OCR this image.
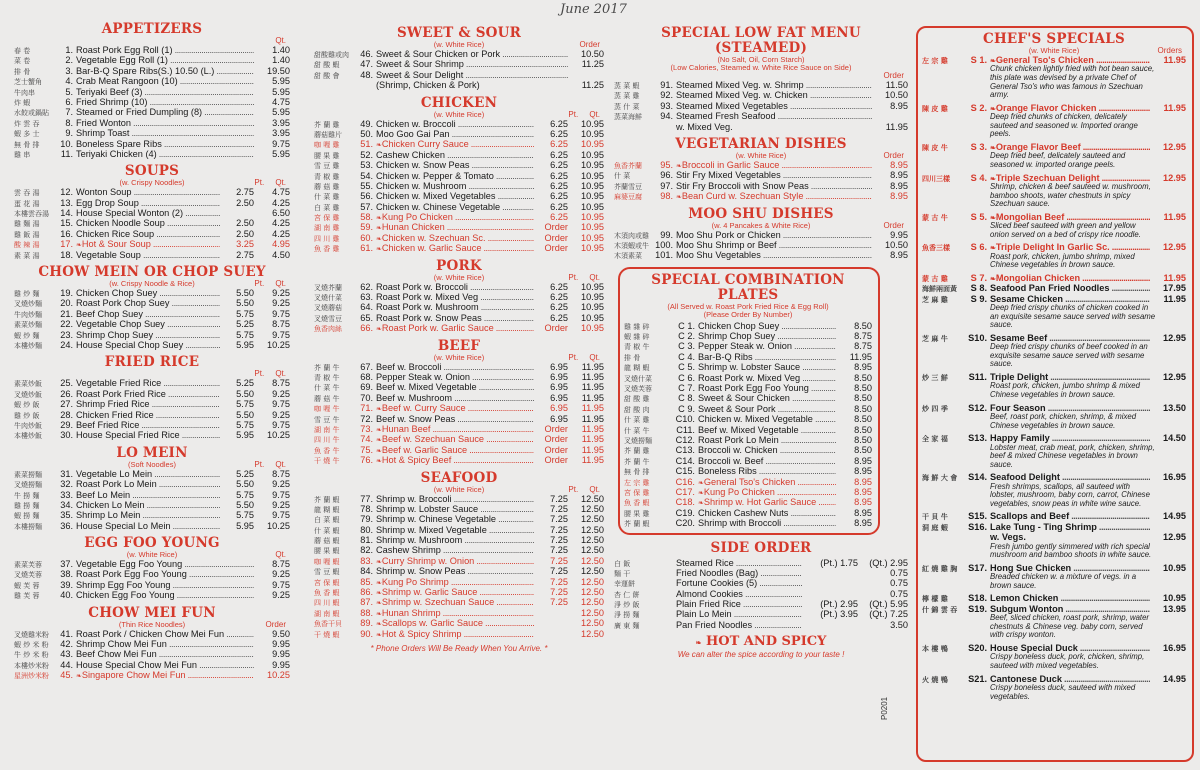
June 2017
APPETIZERS
Qt.

春 卷	1. Roast Pork Egg Roll (1) .....	1.40
菜 卷	2. Vegetable Egg Roll (1) .....	1.40
排 骨	3. Bar-B-Q Spare Ribs(S.) 10.50 (L.) .....	19.50
芝士蟹角	4. Crab Meat Rangoon (10) .....	5.95
牛肉串	5. Teriyaki Beef (3) .....	5.95
炸 蝦	6. Fried Shrimp (10) .....	4.75
水餃或鍋貼	7. Steamed or Fried Dumpling (8) .....	5.95
炸 雲 吞	8. Fried Wonton .....	3.95
蝦 多 士	9. Shrimp Toast .....	3.95
無 骨 排	10. Boneless Spare Ribs .....	9.75
雞 串	11. Teriyaki Chicken (4) .....	5.95
SOUPS
(w. Crispy Noodles)	Pt. Qt.
雲 吞 湯	12. Wonton Soup .....	2.75	4.75
蛋 花 湯	13. Egg Drop Soup .....	2.50	4.25
本樓雲吞湯	14. House Special Wonton (2) .....	6.50
雞 麵 湯	15. Chicken Noodle Soup .....	2.50	4.25
雞 飯 湯	16. Chicken Rice Soup .....	2.50	4.25
酸 辣 湯	17. ❧Hot & Sour Soup .....	3.25	4.95
素 菜 湯	18. Vegetable Soup .....	2.75	4.50
CHOW MEIN OR CHOP SUEY
(w. Crispy Noodle & Rice)	Pt. Qt.
雞 炒 麵	19. Chicken Chop Suey .....	5.50	9.25
叉燒炒麵	20. Roast Pork Chop Suey .....	5.50	9.25
牛肉炒麵	21. Beef Chop Suey .....	5.75	9.75
素菜炒麵	22. Vegetable Chop Suey .....	5.25	8.75
蝦 炒 麵	23. Shrimp Chop Suey .....	5.75	9.75
本樓炒麵	24. House Special Chop Suey .....	5.95	10.25
FRIED RICE

Pt. Qt.
素菜炒飯	25. Vegetable Fried Rice .....	5.25	8.75
叉燒炒飯	26. Roast Pork Fried Rice .....	5.50	9.25
蝦 炒 飯	27. Shrimp Fried Rice .....	5.75	9.75
雞 炒 飯	28. Chicken Fried Rice .....	5.50	9.25
牛肉炒飯	29. Beef Fried Rice .....	5.75	9.75
本樓炒飯	30. House Special Fried Rice .....	5.95	10.25
LO MEIN
(Soft Noodles)	Pt. Qt.
素菜撈麵	31. Vegetable Lo Mein .....	5.25	8.75
叉燒撈麵	32. Roast Pork Lo Mein .....	5.50	9.25
牛 撈 麵	33. Beef Lo Mein .....	5.75	9.75
雞 撈 麵	34. Chicken Lo Mein .....	5.50	9.25
蝦 撈 麵	35. Shrimp Lo Mein .....	5.75	9.75
本樓撈麵	36. House Special Lo Mein .....	5.95	10.25
EGG FOO YOUNG
(w. White Rice)	Qt.
素菜芙蓉	37. Vegetable Egg Foo Young .....	8.75
叉燒芙蓉	38. Roast Pork Egg Foo Young .....	9.25
蝦 芙 蓉	39. Shrimp Egg Foo Young .....	9.75
雞 芙 蓉	40. Chicken Egg Foo Young .....	9.25
CHOW MEI FUN
(Thin Rice Noodles)	Order
叉燒雞米粉	41. Roast Pork / Chicken Chow Mei Fun .....	9.50
蝦 炒 米 粉	42. Shrimp Chow Mei Fun .....	9.95
牛 炒 米 粉	43. Beef Chow Mei Fun .....	9.95
本樓炒米粉	44. House Special Chow Mei Fun .....	9.95
星洲炒米粉	45. ❧Singapore Chow Mei Fun .....	10.25
SWEET & SOUR
(w. White Rice)	Order
甜酸雞或肉	46. Sweet & Sour Chicken or Pork .....	10.50
甜 酸 蝦	47. Sweet & Sour Shrimp .....	11.25
甜 酸 會	48. Sweet & Sour Delight .....
(Shrimp, Chicken & Pork)	11.25
CHICKEN
(w. White Rice)	Pt. Qt.
芥 蘭 雞	49. Chicken w. Broccoli .....	6.25	10.95
蘑菇雞片	50. Moo Goo Gai Pan .....	6.25	10.95
咖 喱 雞	51. ❧Chicken Curry Sauce .....	6.25	10.95
腰 果 雞	52. Cashew Chicken .....	6.25	10.95
雪 豆 雞	53. Chicken w. Snow Peas .....	6.25	10.95
青 椒 雞	54. Chicken w. Pepper & Tomato .....	6.25	10.95
蘑 菇 雞	55. Chicken w. Mushroom .....	6.25	10.95
什 菜 雞	56. Chicken w. Mixed Vegetables .....	6.25	10.95
白 菜 雞	57. Chicken w. Chinese Vegetable .....	6.25	10.95
宮 保 雞	58. ❧Kung Po Chicken .....	6.25	10.95
湖 南 雞	59. ❧Hunan Chicken .....	Order	10.95
四 川 雞	60. ❧Chicken w. Szechuan Sc. .....	Order	10.95
魚 香 雞	61. ❧Chicken w. Garlic Sauce .....	Order	10.95
PORK
(w. White Rice)	Pt. Qt.
叉燒芥蘭	62. Roast Pork w. Broccoli .....	6.25	10.95
叉燒什菜	63. Roast Pork w. Mixed Veg .....	6.25	10.95
叉燒蘑菇	64. Roast Pork w. Mushroom .....	6.25	10.95
叉燒雪豆	65. Roast Pork w. Snow Peas .....	6.25	10.95
魚香肉絲	66. ❧Roast Pork w. Garlic Sauce .....	Order	10.95
BEEF
(w. White Rice)	Pt. Qt.
芥 蘭 牛	67. Beef w. Broccoli .....	6.95	11.95
青 椒 牛	68. Pepper Steak w. Onion .....	6.95	11.95
什 菜 牛	69. Beef w. Mixed Vegetable .....	6.95	11.95
蘑 菇 牛	70. Beef w. Mushroom .....	6.95	11.95
咖 喱 牛	71. ❧Beef w. Curry Sauce .....	6.95	11.95
雪 豆 牛	72. Beef w. Snow Peas .....	6.95	11.95
湖 南 牛	73. ❧Hunan Beef .....	Order	11.95
四 川 牛	74. ❧Beef w. Szechuan Sauce .....	Order	11.95
魚 香 牛	75. ❧Beef w. Garlic Sauce .....	Order	11.95
干 燒 牛	76. ❧Hot & Spicy Beef .....	Order	11.95
SEAFOOD
(w. White Rice)	Pt. Qt.
芥 蘭 蝦	77. Shrimp w. Broccoli .....	7.25	12.50
龍 糊 蝦	78. Shrimp w. Lobster Sauce .....	7.25	12.50
白 菜 蝦	79. Shrimp w. Chinese Vegetable .....	7.25	12.50
什 菜 蝦	80. Shrimp w. Mixed Vegetable .....	7.25	12.50
蘑 菇 蝦	81. Shrimp w. Mushroom .....	7.25	12.50
腰 果 蝦	82. Cashew Shrimp .....	7.25	12.50
咖 喱 蝦	83. ❧Curry Shrimp w. Onion .....	7.25	12.50
雪 豆 蝦	84. Shrimp w. Snow Peas .....	7.25	12.50
宮 保 蝦	85. ❧Kung Po Shrimp .....	7.25	12.50
魚 香 蝦	86. ❧Shrimp w. Garlic Sauce .....	7.25	12.50
四 川 蝦	87. ❧Shrimp w. Szechuan Sauce .....	7.25	12.50
湖 南 蝦	88. ❧Hunan Shrimp .....	12.50
魚香干貝	89. ❧Scallops w. Garlic Sauce .....	12.50
干 燒 蝦	90. ❧Hot & Spicy Shrimp .....	12.50
* Phone Orders Will Be Ready When You Arrive. *
SPECIAL LOW FAT MENU
(STEAMED)
(No Salt, Oil, Corn Starch)
(Low Calories, Steamed w. White Rice Sauce on Side)

Order
蒸 菜 蝦	91. Steamed Mixed Veg. w. Shrimp .....	11.50
蒸 菜 雞	92. Steamed Mixed Veg. w. Chicken .....	10.50
蒸 什 菜	93. Steamed Mixed Vegetables .....	8.95
蒸菜海鮮	94. Steamed Fresh Seafood .....
w. Mixed Veg.	11.95
VEGETARIAN DISHES
(w. White Rice)	Order
魚香芥蘭	95. ❧Broccoli in Garlic Sauce .....	8.95
什 菜	96. Stir Fry Mixed Vegetables .....	8.95
芥蘭雪豆	97. Stir Fry Broccoli with Snow Peas .....	8.95
麻婆豆腐	98. ❧Bean Curd w. Szechuan Style .....	8.95
MOO SHU DISHES
(w. 4 Pancakes & White Rice)	Order
木須肉或雞	99. Moo Shu Pork or Chicken .....	9.95
木須蝦或牛 100. Moo Shu Shrimp or Beef .....	10.50
木須素菜	101. Moo Shu Vegetables .....	8.95
SPECIAL COMBINATION PLATES
(All Served w. Roast Pork Fried Rice & Egg Roll)
(Please Order By Number)
雞 雜 碎	C 1. Chicken Chop Suey .....	8.50
蝦 雜 碎	C 2. Shrimp Chop Suey .....	8.75
青 椒 牛	C 3. Pepper Steak w. Onion .....	8.75
排 骨	C 4. Bar-B-Q Ribs .....	11.95
龍 糊 蝦	C 5. Shrimp w. Lobster Sauce .....	8.95
叉燒什菜	C 6. Roast Pork w. Mixed Veg .....	8.50
叉燒芙蓉	C 7. Roast Pork Egg Foo Young .....	8.50
甜 酸 雞	C 8. Sweet & Sour Chicken .....	8.50
甜 酸 肉	C 9. Sweet & Sour Pork .....	8.50
什 菜 雞	C10. Chicken w. Mixed Vegetable .....	8.50
什 菜 牛	C11. Beef w. Mixed Vegetable .....	8.50
叉燒撈麵	C12. Roast Pork Lo Mein .....	8.50
芥 蘭 雞	C13. Broccoli w. Chicken .....	8.50
芥 蘭 牛	C14. Broccoli w. Beef .....	8.95
無 骨 排	C15. Boneless Ribs .....	8.95
左 宗 雞	C16. ❧General Tso's Chicken .....	8.95
宮 保 雞	C17. ❧Kung Po Chicken .....	8.95
魚 香 蝦	C18. ❧Shrimp w. Hot Garlic Sauce .....	8.95
腰 果 雞	C19. Chicken Cashew Nuts .....	8.95
芥 蘭 蝦	C20. Shrimp with Broccoli .....	8.95
SIDE ORDER
白 飯	Steamed Rice .....	(Pt.) 1.75	(Qt.) 2.95
麵 干	Fried Noodles (Bag) .....	0.75
幸運餅	Fortune Cookies (5) .....	0.75
杏 仁 餅	Almond Cookies .....	0.75
淨 炒 飯	Plain Fried Rice .....	(Pt.) 2.95	(Qt.) 5.95
淨 撈 麵	Plain Lo Mein .....	(Pt.) 3.95	(Qt.) 7.25
廣 東 麵	Pan Fried Noodles .....	3.50
❧ HOT AND SPICY
We can alter the spice according to your taste !
P0201
CHEF'S SPECIALS
(w. White Rice)	Orders
左 宗 雞	S 1. ❧General Tso's Chicken .....	11.95
Chunk chicken lightly fried with hot bean sauce, this plate was devised by a private Chef of General Tso's who was famous in Szechuan army.
陳 皮 雞	S 2. ❧Orange Flavor Chicken .....	11.95
Deep fried chunks of chicken, delicately sauteed and seasoned w. Imported orange peels.
陳 皮 牛	S 3. ❧Orange Flavor Beef .....	12.95
Deep fried beef, delicately sauteed and seasoned w. imported orange peels.
四川三樣	S 4. ❧Triple Szechuan Delight .....	12.95
Shrimp, chicken & beef sauteed w. mushroom, bamboo shoots, water chestnuts in spicy Szechuan sauce.
蒙 古 牛	S 5. ❧Mongolian Beef .....	11.95
Sliced beef sauteed with green and yellow onion served on a bed of crispy rice noodle.
魚香三樣	S 6. ❧Triple Delight In Garlic Sc. .....	12.95
Roast pork, chicken, jumbo shrimp, mixed Chinese vegetables in brown sauce.
蒙 古 雞	S 7. ❧Mongolian Chicken .....	11.95
海鮮兩面黃	S 8. Seafood Pan Fried Noodles .....	17.95
芝 麻 雞	S 9. Sesame Chicken .....	11.95
Deep fried crispy chunks of chicken cooked in an exquisite sesame sauce served with sesame sauce.
芝 麻 牛	S10. Sesame Beef .....	12.95
Deep fried crispy chunks of beef cooked in an exquisite sesame sauce served with sesame sauce.
炒 三 鮮	S11. Triple Delight .....	12.95
Roast pork, chicken, jumbo shrimp & mixed Chinese vegetables in brown sauce.
炒 四 季	S12. Four Season .....	13.50
Beef, roast pork, chicken, shrimp, & mixed Chinese vegetables in brown sauce.
全 家 福	S13. Happy Family .....	14.50
Lobster meat, crab meat, pork, chicken, shrimp, beef & mixed Chinese vegetables in brown sauce.
海 鮮 大 會	S14. Seafood Delight .....	16.95
Fresh shrimps, scallops, all sauteed with lobster, mushroom, baby corn, carrot, Chinese vegetables, snow peas in white wine sauce.
干 貝 牛	S15. Scallops and Beef .....	14.95
洞 庭 蝦	S16. Lake Tung - Ting Shrimp .....
w. Vegs.	12.95
Fresh jumbo gently simmered with rich special mushroom and bamboo shoots in white sauce.
紅 燒 雞 胸	S17. Hong Sue Chicken .....	10.95
Breaded chicken w. a mixture of vegs. in a brown sauce.
檸 檬 雞	S18. Lemon Chicken .....	10.95
什 錦 雲 吞	S19. Subgum Wonton .....	13.95
Beef, sliced chicken, roast pork, shrimp, water chestnuts & Chinese veg. baby corn, served with crispy wonton.
本 樓 鴨	S20. House Special Duck .....	16.95
Crispy boneless duck, pork, chicken, shrimp, sauteed with mixed vegetables.
火 燒 鴨	S21. Cantonese Duck .....	14.95
Crispy boneless duck, sauteed with mixed vegetables.
